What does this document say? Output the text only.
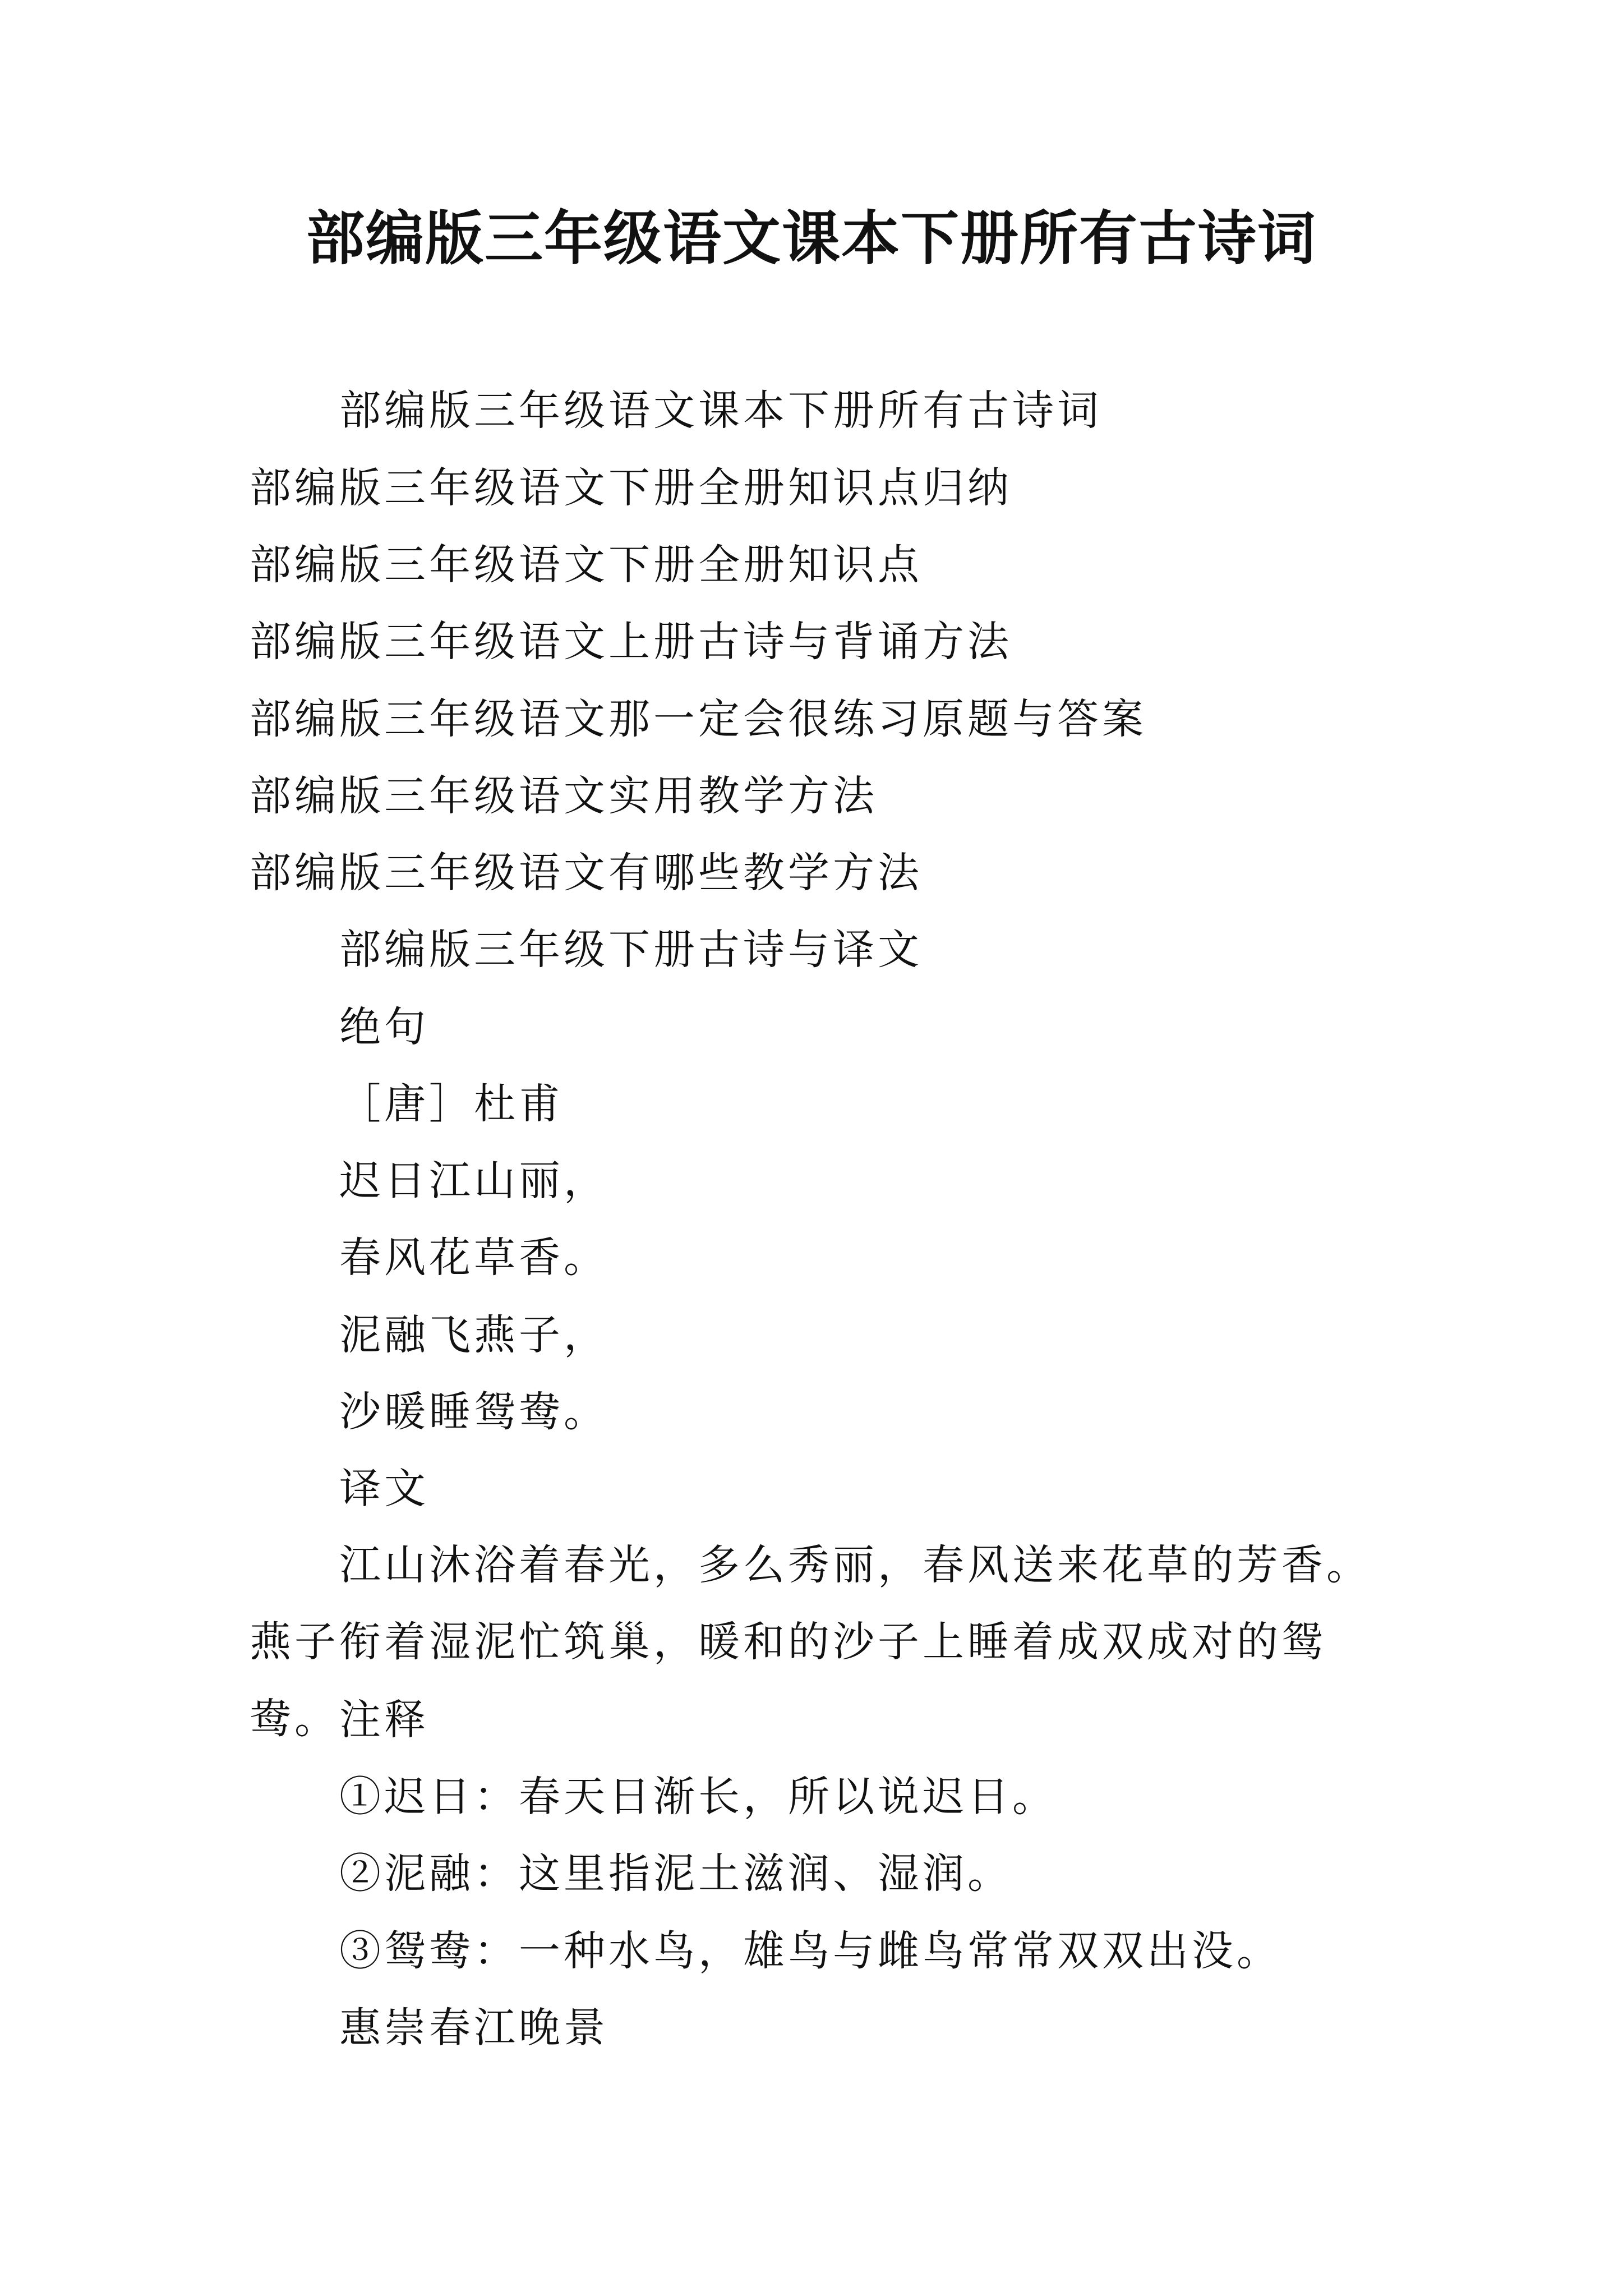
部编版三年级语文课本下册所有古诗词
部编版三年级语文课本下册所有古诗词
部编版三年级语文下册全册知识点归纳
部编版三年级语文下册全册知识点
部编版三年级语文上册古诗与背诵方法
部编版三年级语文那一定会很练习原题与答案
部编版三年级语文实用教学方法
部编版三年级语文有哪些教学方法
部编版三年级下册古诗与译文
绝句
［唐］杜甫
迟日江山丽，
春风花草香。
泥融飞燕子，
沙暖睡鸳鸯。
译文
江山沐浴着春光，多么秀丽，春风送来花草的芳香。燕子衔着湿泥忙筑巢，暖和的沙子上睡着成双成对的鸳鸯。 注释
①迟日：春天日渐长，所以说迟日。
②泥融：这里指泥土滋润、湿润。
③鸳鸯：一种水鸟，雄鸟与雌鸟常常双双出没。
惠崇春江晚景
